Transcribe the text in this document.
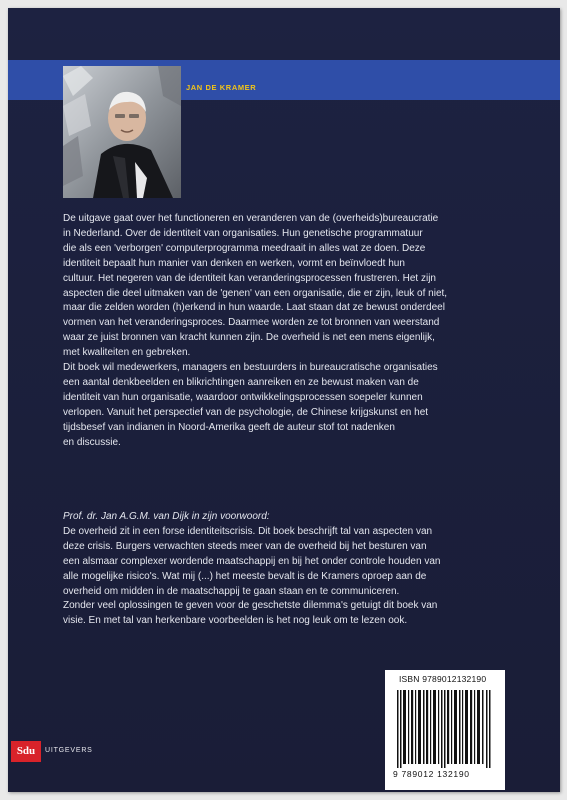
JAN DE KRAMER
De uitgave gaat over het functioneren en veranderen van de (overheids)bureaucratie
in Nederland. Over de identiteit van organisaties. Hun genetische programmatuur
die als een 'verborgen' computerprogramma meedraait in alles wat ze doen. Deze
identiteit bepaalt hun manier van denken en werken, vormt en beïnvloedt hun
cultuur. Het negeren van de identiteit kan veranderingsprocessen frustreren. Het zijn
aspecten die deel uitmaken van de 'genen' van een organisatie, die er zijn, leuk of niet,
maar die zelden worden (h)erkend in hun waarde. Laat staan dat ze bewust onderdeel
vormen van het veranderingsproces. Daarmee worden ze tot bronnen van weerstand
waar ze juist bronnen van kracht kunnen zijn. De overheid is net een mens eigenlijk,
met kwaliteiten en gebreken.
Dit boek wil medewerkers, managers en bestuurders in bureaucratische organisaties
een aantal denkbeelden en blikrichtingen aanreiken en ze bewust maken van de
identiteit van hun organisatie, waardoor ontwikkelingsprocessen soepeler kunnen
verlopen. Vanuit het perspectief van de psychologie, de Chinese krijgskunst en het
tijdsbesef van indianen in Noord-Amerika geeft de auteur stof tot nadenken
en discussie.
Prof. dr. Jan A.G.M. van Dijk in zijn voorwoord:
De overheid zit in een forse identiteitscrisis. Dit boek beschrijft tal van aspecten van
deze crisis. Burgers verwachten steeds meer van de overheid bij het besturen van
een alsmaar complexer wordende maatschappij en bij het onder controle houden van
alle mogelijke risico's. Wat mij (...) het meeste bevalt is de Kramers oproep aan de
overheid om midden in de maatschappij te gaan staan en te communiceren.
Zonder veel oplossingen te geven voor de geschetste dilemma's getuigt dit boek van
visie. En met tal van herkenbare voorbeelden is het nog leuk om te lezen ook.
ISBN 9789012132190
9 789012 132190
Sdu	UITGEVERS
